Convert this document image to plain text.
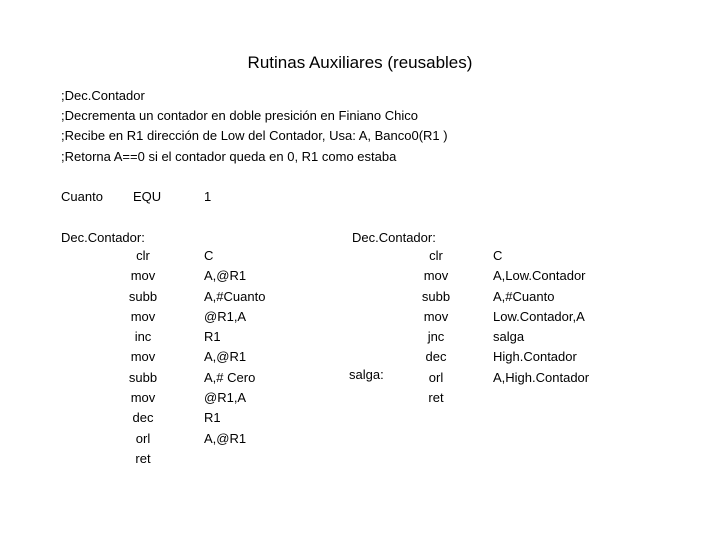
Rutinas Auxiliares (reusables)
;Dec.Contador
;Decrementa un contador en doble presición en Finiano Chico
;Recibe en R1 dirección de Low del Contador, Usa: A, Banco0(R1 )
;Retorna A==0 si el contador queda en 0, R1 como estaba
Cuanto EQU	1
Dec.Contador:
clr
mov
subb
mov
inc
mov
subb
mov
dec
orl
ret
C
A,@R1
A,#Cuanto
@R1,A
R1
A,@R1
A,# Cero
@R1,A
R1
A,@R1
Dec.Contador:
salga:
clr
mov
subb
mov
jnc
dec
orl
ret
C
A,Low.Contador
A,#Cuanto
Low.Contador,A
salga
High.Contador
A,High.Contador
